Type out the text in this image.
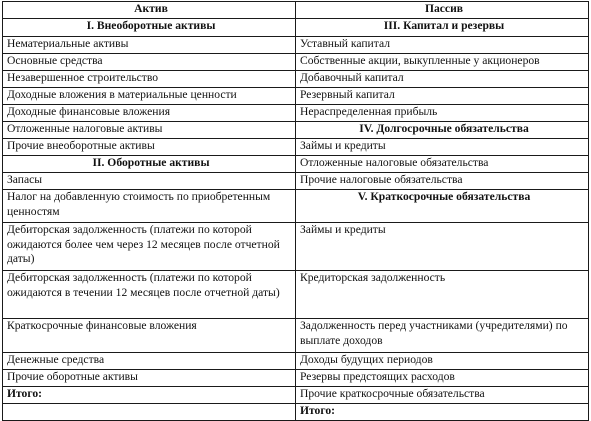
Актив	Пассив
I. Внеоборотные активы	III. Капитал и резервы
Нематериальные активы	Уставный капитал
Основные средства	Собственные акции, выкупленные у акционеров
Незавершенное строительство	Добавочный капитал
Доходные вложения в материальные ценности	Резервный капитал
Доходные финансовые вложения	Нераспределенная прибыль
Отложенные налоговые активы	IV. Долгосрочные обязательства
Прочие внеоборотные активы	Займы и кредиты
II. Оборотные активы	Отложенные налоговые обязательства
Запасы	Прочие налоговые обязательства
Налог на добавленную стоимость по приобретенным ценностям	V. Краткосрочные обязательства
Дебиторская задолженность (платежи по которой ожидаются более чем через 12 месяцев после отчетной даты)	Займы и кредиты
Дебиторская задолженность (платежи по которой ожидаются в течении 12 месяцев после отчетной даты)	Кредиторская задолженность
Краткосрочные финансовые вложения	Задолженность перед участниками (учредителями) по выплате доходов
Денежные средства	Доходы будущих периодов
Прочие оборотные активы	Резервы предстоящих расходов
Итого:	Прочие краткосрочные обязательства
	Итого:
